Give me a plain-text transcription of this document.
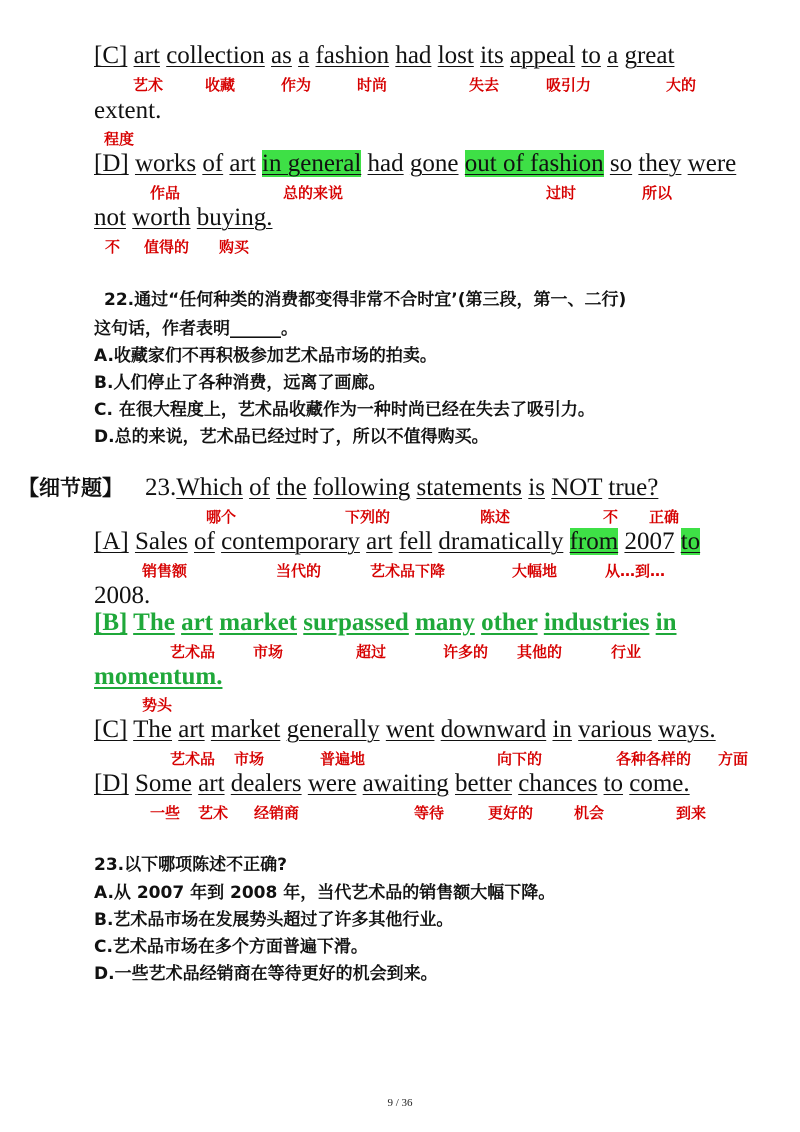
[C] art collection as a fashion had lost its appeal to a great
艺术	收藏	作为	时尚	失去	吸引力	大的
extent.
程度
[D] works of art in general had gone out of fashion so they were
作品	总的来说	过时	所以
not worth buying.
不 值得的 购买
22.通过“任何种类的消费都变得非常不合时宜’(第三段，第一、二行)
这句话，作者表明______。
A.收藏家们不再积极参加艺术品市场的拍卖。
B.人们停止了各种消费，远离了画廊。
C. 在很大程度上，艺术品收藏作为一种时尚已经在失去了吸引力。
D.总的来说，艺术品已经过时了，所以不值得购买。
【细节题】 23.Which of the following statements is NOT true?
哪个	下列的	陈述	不 正确
[A] Sales of contemporary art fell dramatically from 2007 to
销售额	当代的	艺术品下降	大幅地	从…到…
2008.
[B] The art market surpassed many other industries in
艺术品	市场	超过	许多的 其他的	行业
momentum.
势头
[C] The art market generally went downward in various ways.
艺术品 市场	普遍地	向下的	各种各样的 方面
[D] Some art dealers were awaiting better chances to come.
一些 艺术 经销商	等待	更好的	机会	到来
23.以下哪项陈述不正确?
A.从 2007 年到 2008 年，当代艺术品的销售额大幅下降。
B.艺术品市场在发展势头超过了许多其他行业。
C.艺术品市场在多个方面普遍下滑。
D.一些艺术品经销商在等待更好的机会到来。
9 / 36
